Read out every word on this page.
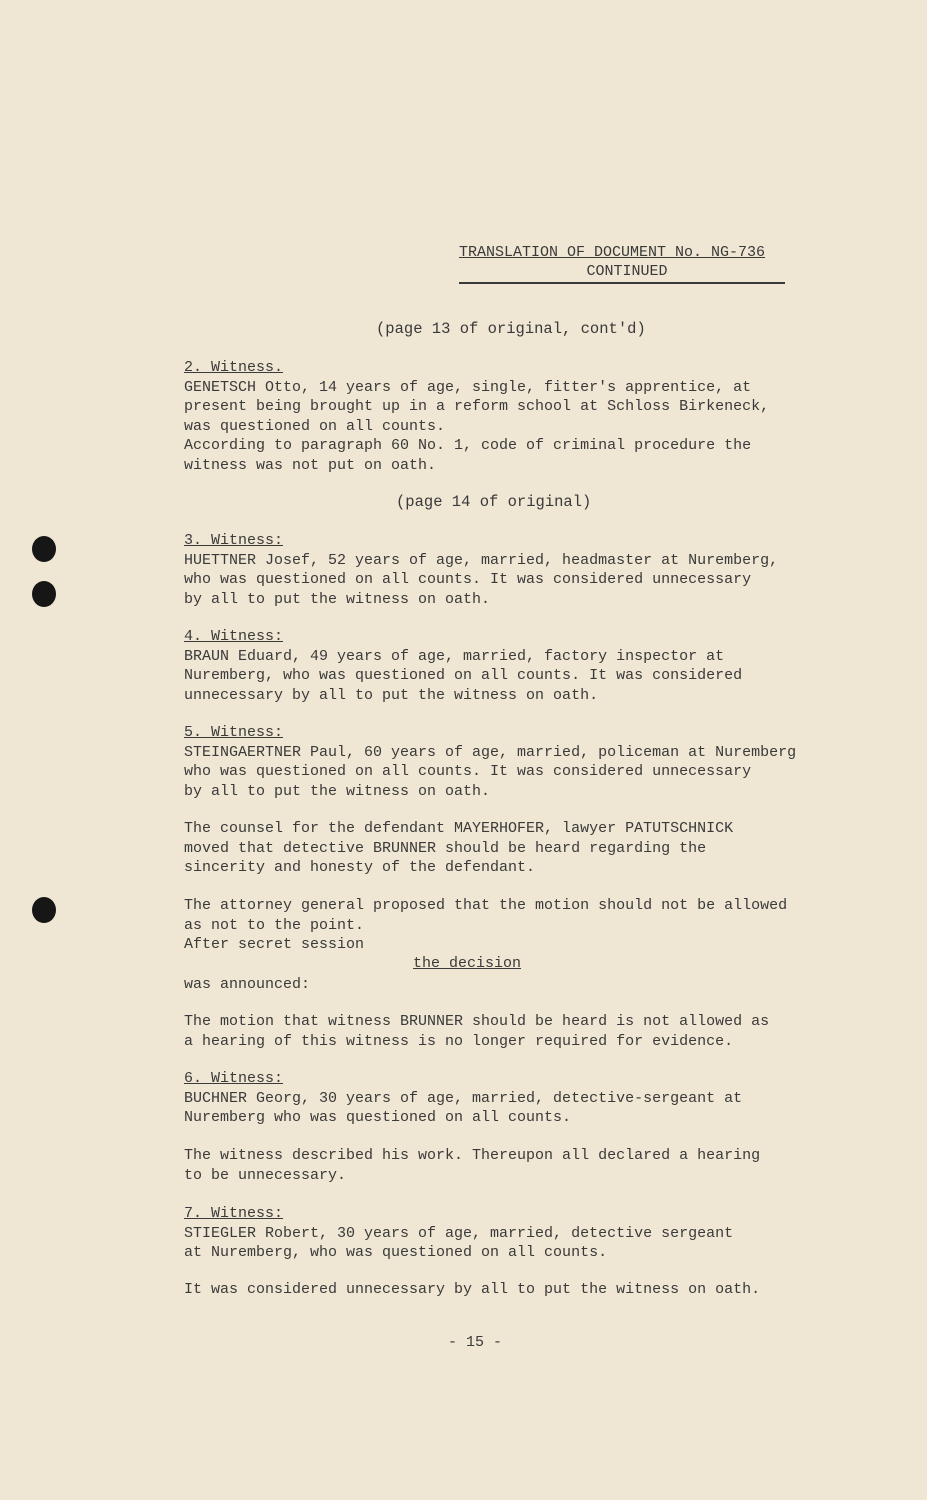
TRANSLATION OF DOCUMENT No. NG-736
CONTINUED
(page 13 of original, cont'd)
2. Witness.
GENETSCH Otto, 14 years of age, single, fitter's apprentice, at
present being brought up in a reform school at Schloss Birkeneck,
was questioned on all counts.
According to paragraph 60 No. 1, code of criminal procedure the
witness was not put on oath.
(page 14 of original)
3. Witness:
HUETTNER Josef, 52 years of age, married, headmaster at Nuremberg,
who was questioned on all counts. It was considered unnecessary
by all to put the witness on oath.
4. Witness:
BRAUN Eduard, 49 years of age, married, factory inspector at
Nuremberg, who was questioned on all counts. It was considered
unnecessary by all to put the witness on oath.
5. Witness:
STEINGAERTNER Paul, 60 years of age, married, policeman at Nuremberg
who was questioned on all counts. It was considered unnecessary
by all to put the witness on oath.
The counsel for the defendant MAYERHOFER, lawyer PATUTSCHNICK
moved that detective BRUNNER should be heard regarding the
sincerity and honesty of the defendant.
The attorney general proposed that the motion should not be allowed
as not to the point.
After secret session
the decision
was announced:
The motion that witness BRUNNER should be heard is not allowed as
a hearing of this witness is no longer required for evidence.
6. Witness:
BUCHNER Georg, 30 years of age, married, detective-sergeant at
Nuremberg who was questioned on all counts.
The witness described his work. Thereupon all declared a hearing
to be unnecessary.
7. Witness:
STIEGLER Robert, 30 years of age, married, detective sergeant
at Nuremberg, who was questioned on all counts.
It was considered unnecessary by all to put the witness on oath.
- 15 -
